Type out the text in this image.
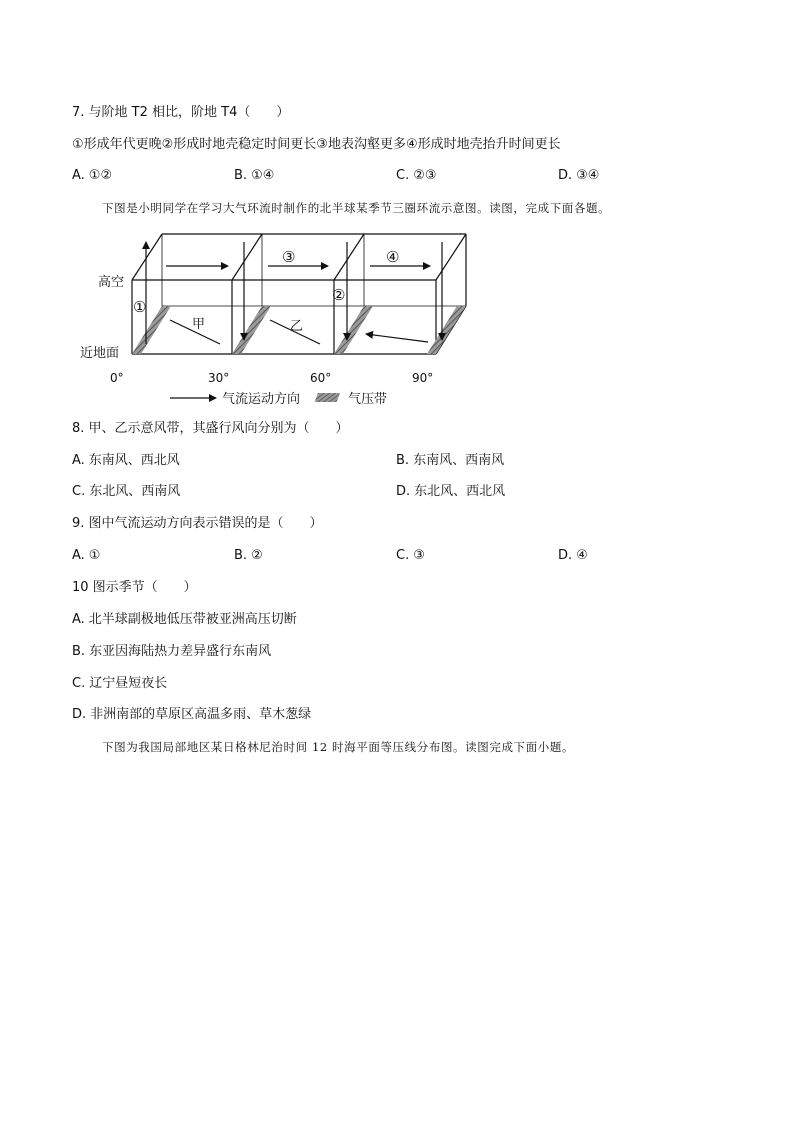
7. 与阶地 T2 相比，阶地 T4（　　）
①形成年代更晚②形成时地壳稳定时间更长③地表沟壑更多④形成时地壳抬升时间更长
A. ①②	B. ①④	C. ②③	D. ③④
下图是小明同学在学习大气环流时制作的北半球某季节三圈环流示意图。读图，完成下面各题。
高空
近地面
①
②
③	④
甲	乙
0°	30°	60°	90°
气流运动方向	气压带
8. 甲、乙示意风带，其盛行风向分别为（　　）
A. 东南风、西北风	B. 东南风、西南风
C. 东北风、西南风	D. 东北风、西北风
9. 图中气流运动方向表示错误的是（　　）
A. ①	B. ②	C. ③	D. ④
10 图示季节（　　）
A. 北半球副极地低压带被亚洲高压切断
B. 东亚因海陆热力差异盛行东南风
C. 辽宁昼短夜长
D. 非洲南部的草原区高温多雨、草木葱绿
下图为我国局部地区某日格林尼治时间 12 时海平面等压线分布图。读图完成下面小题。
